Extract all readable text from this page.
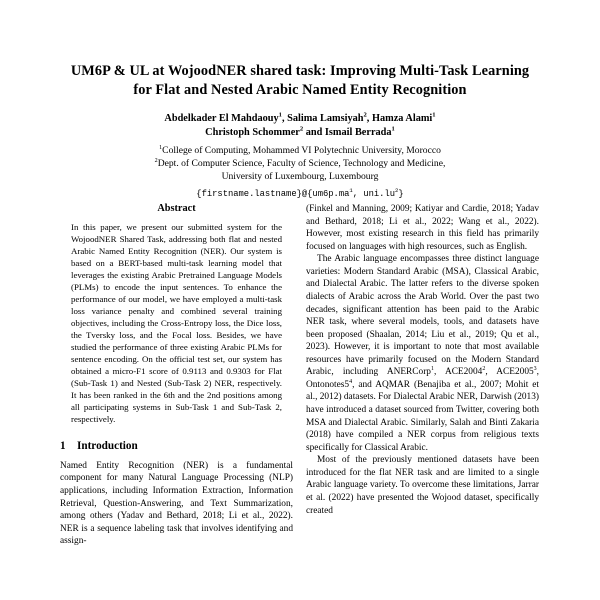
UM6P & UL at WojoodNER shared task: Improving Multi-Task Learning
for Flat and Nested Arabic Named Entity Recognition
Abdelkader El Mahdaouy$^1$, Salima Lamsiyah$^2$, Hamza Alami$^1$
Christoph Schommer$^2$ and Ismail Berrada$^1$
$^1$College of Computing, Mohammed VI Polytechnic University, Morocco
$^2$Dept. of Computer Science, Faculty of Science, Technology and Medicine,
University of Luxembourg, Luxembourg
$\{firstname.lastname\}@\{um6p.ma^1$, $uni.lu^2$}
Abstract

In this paper, we present our submitted system for the WojoodNER Shared Task, addressing both flat and nested Arabic Named Entity Recognition (NER). Our system is based on a BERT-based multi-task learning model that leverages the existing Arabic Pretrained Language Models (PLMs) to encode the input sentences. To enhance the performance of our model, we have employed a multi-task loss variance penalty and combined several training objectives, including the Cross-Entropy loss, the Dice loss, the Tversky loss, and the Focal loss. Besides, we have studied the performance of three existing Arabic PLMs for sentence encoding. On the official test set, our system has obtained a micro-F1 score of 0.9113 and 0.9303 for Flat (Sub-Task 1) and Nested (Sub-Task 2) NER, respectively. It has been ranked in the 6th and the 2nd positions among all participating systems in Sub-Task 1 and Sub-Task 2, respectively.

1 Introduction

Named Entity Recognition (NER) is a fundamental component for many Natural Language Processing (NLP) applications, including Information Extraction, Information Retrieval, Question-Answering, and Text Summarization, among others (Yadav and Bethard, 2018; Li et al., 2022). NER is a sequence labeling task that involves identifying and assign-

(Finkel and Manning, 2009; Katiyar and Cardie, 2018; Yadav and Bethard, 2018; Li et al., 2022; Wang et al., 2022). However, most existing research in this field has primarily focused on languages with high resources, such as English.

The Arabic language encompasses three distinct language varieties: Modern Standard Arabic (MSA), Classical Arabic, and Dialectal Arabic. The latter refers to the diverse spoken dialects of Arabic across the Arab World. Over the past two decades, significant attention has been paid to the Arabic NER task, where several models, tools, and datasets have been proposed (Shaalan, 2014; Liu et al., 2019; Qu et al., 2023). However, it is important to note that most available resources have primarily focused on the Modern Standard Arabic, including ANERCorp$^1$, ACE2004$^2$, ACE2005$^3$, $Ontonotes5^4$, and AQMAR (Benajiba et al., 2007; Mohit et al., 2012) datasets. For Dialectal Arabic NER, Darwish (2013) have introduced a dataset sourced from Twitter, covering both MSA and Dialectal Arabic. Similarly, Salah and Binti Zakaria (2018) have compiled a NER corpus from religious texts specifically for Classical Arabic.

Most of the previously mentioned datasets have been introduced for the flat NER task and are limited to a single Arabic language variety. To overcome these limitations, Jarrar et al. (2022) have presented the Wojood dataset, specifically created
